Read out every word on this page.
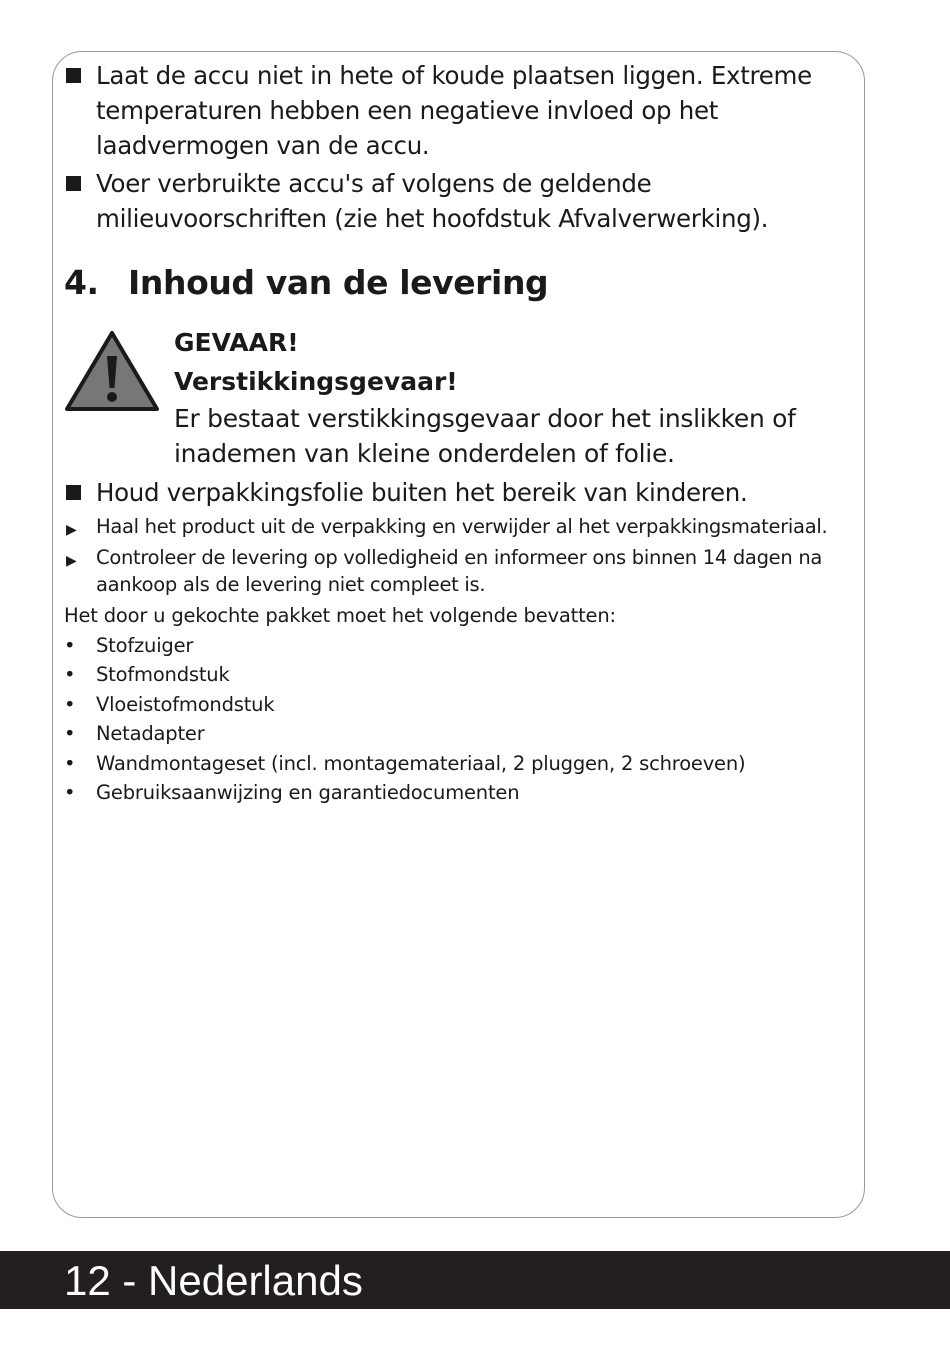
Laat de accu niet in hete of koude plaatsen liggen. Extreme temperaturen hebben een negatieve invloed op het laadvermogen van de accu.
Voer verbruikte accu's af volgens de geldende milieuvoorschriften (zie het hoofdstuk Afvalverwerking).
4. Inhoud van de levering
GEVAAR!
Verstikkingsgevaar!
Er bestaat verstikkingsgevaar door het inslikken of inademen van kleine onderdelen of folie.
Houd verpakkingsfolie buiten het bereik van kinderen.
▶ Haal het product uit de verpakking en verwijder al het verpakkingsmateriaal.
▶ Controleer de levering op volledigheid en informeer ons binnen 14 dagen na aankoop als de levering niet compleet is.
Het door u gekochte pakket moet het volgende bevatten:
• Stofzuiger
• Stofmondstuk
• Vloeistofmondstuk
• Netadapter
• Wandmontageset (incl. montagemateriaal, 2 pluggen, 2 schroeven)
• Gebruiksaanwijzing en garantiedocumenten
12 - Nederlands
